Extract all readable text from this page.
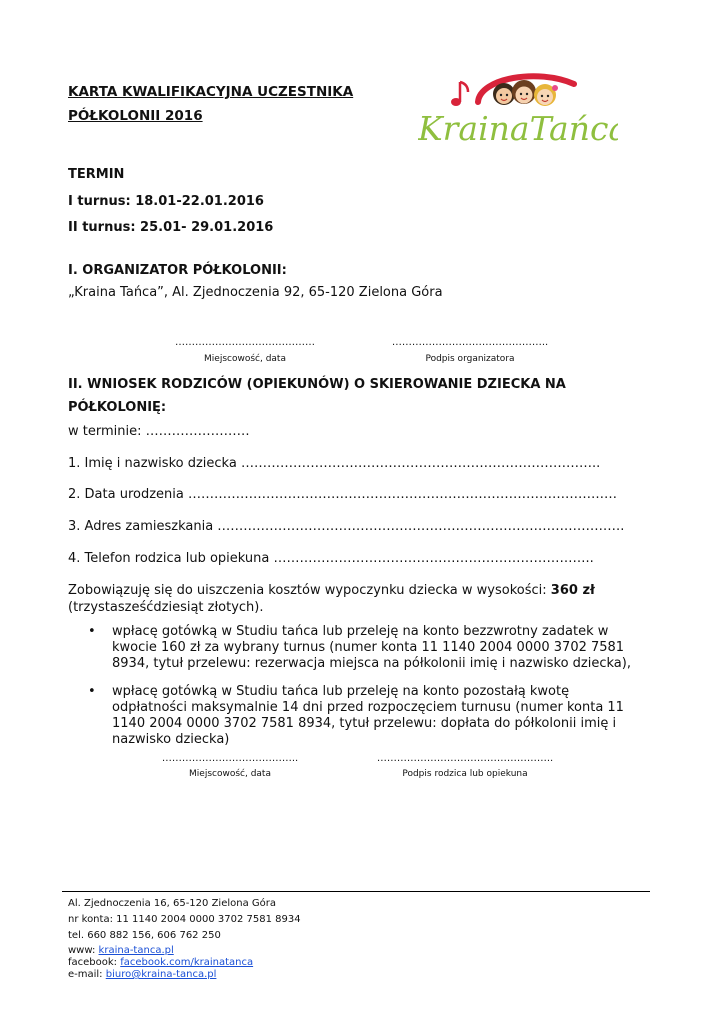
KARTA KWALIFIKACYJNA UCZESTNIKA
PÓŁKOLONII 2016	KrainaTańca
TERMIN
I turnus: 18.01-22.01.2016
II turnus: 25.01- 29.01.2016
I. ORGANIZATOR PÓŁKOLONII:
„Kraina Tańca”, Al. Zjednoczenia 92, 65-120 Zielona Góra
……………………………………	………………………………………..
Miejscowość, data	Podpis organizatora
II. WNIOSEK RODZICÓW (OPIEKUNÓW) O SKIEROWANIE DZIECKA NA
PÓŁKOLONIĘ:
w terminie: ……………………
1. Imię i nazwisko dziecka ………………………………………………………………………..
2. Data urodzenia ………………………………………………………………………………………
3. Adres zamieszkania ………………………………………………………………………………….
4. Telefon rodzica lub opiekuna ………………………………………………………………..
Zobowiązuję się do uiszczenia kosztów wypoczynku dziecka w wysokości: 360 zł
(trzystasześćdziesiąt złotych).
• wpłacę gotówką w Studiu tańca lub przeleję na konto bezzwrotny zadatek w kwocie 160 zł za wybrany turnus (numer konta 11 1140 2004 0000 3702 7581 8934, tytuł przelewu: rezerwacja miejsca na półkolonii imię i nazwisko dziecka),
• wpłacę gotówką w Studiu tańca lub przeleję na konto pozostałą kwotę odpłatności maksymalnie 14 dni przed rozpoczęciem turnusu (numer konta 11 1140 2004 0000 3702 7581 8934, tytuł przelewu: dopłata do półkolonii imię i nazwisko dziecka)
…………………………………..	……………………………………………..
Miejscowość, data	Podpis rodzica lub opiekuna
Al. Zjednoczenia 16, 65-120 Zielona Góra
nr konta: 11 1140 2004 0000 3702 7581 8934
tel. 660 882 156, 606 762 250
www: kraina-tanca.pl
facebook: facebook.com/krainatanca
e-mail: biuro@kraina-tanca.pl
